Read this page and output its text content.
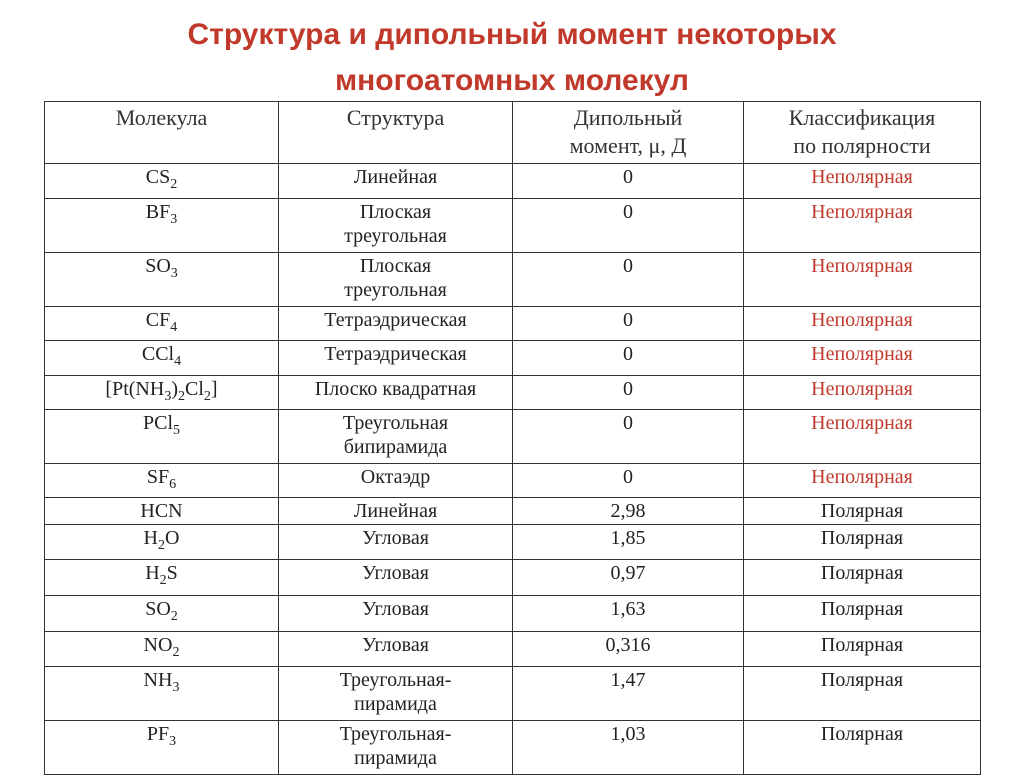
Структура и дипольный момент некоторых
многоатомных молекул
Молекула	Структура	Дипольный
момент, μ, Д	Классификация
по полярности
$CS_2$	Линейная	0	Неполярная
$BF_3$	Плоская
треугольная	0	Неполярная
$SO_3$	Плоская
треугольная	0	Неполярная
$CF_4$	Тетраэдрическая	0	Неполярная
CCl$_4$	Тетраэдрическая	0	Неполярная
$[Pt(NH_3)_2Cl_2]$	Плоско квадратная	0	Неполярная
PCl$_5$	Треугольная
бипирамида	0	Неполярная
$SF_6$	Октаэдр	0	Неполярная
HCN	Линейная	2,98	Полярная
$H_2O$	Угловая	1,85	Полярная
$H_2S$	Угловая	0,97	Полярная
$SO_2$	Угловая	1,63	Полярная
$NO_2$	Угловая	0,316	Полярная
$NH_3$	Треугольная-
пирамида	1,47	Полярная
$PF_3$	Треугольная-
пирамида	1,03	Полярная
